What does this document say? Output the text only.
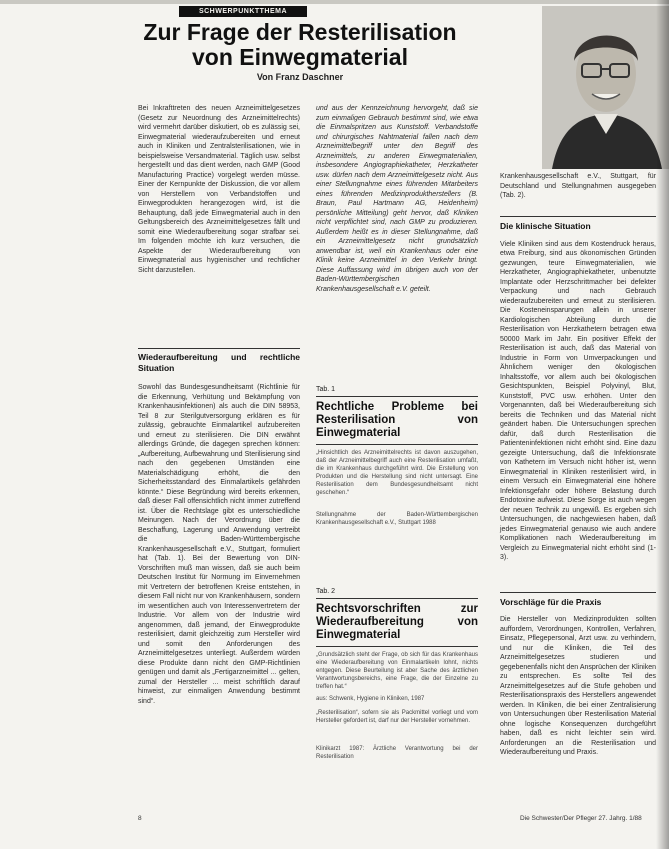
SCHWERPUNKTTHEMA
Zur Frage der Resterilisation von Einwegmaterial
Von Franz Daschner

Bei Inkrafttreten des neuen Arzneimittelgesetzes (Gesetz zur Neuordnung des Arzneimittelrechts) wird vermehrt darüber diskutiert, ob es zulässig sei, Einwegmaterial wiederaufzubereiten und erneut auch in Kliniken und Zentralsterilisationen, wie in beispielsweise Versandmaterial. Täglich usw. selbst hergestellt und das dient werden, nach GMP (Good Manufacturing Practice) vorgelegt werden müsse. Einer der Kernpunkte der Diskussion, die vor allem von Herstellern von Verbandstoffen und Einwegprodukten herangezogen wird, ist die Behauptung, daß jede Einwegmaterial auch in den Geltungsbereich des Arzneimittelgesetzes fällt und somit eine Wiederaufbereitung sogar strafbar sei. Im folgenden möchte ich kurz versuchen, die Aspekte der Wiederaufbereitung von Einwegmaterial aus hygienischer und rechtlicher Sicht darzustellen.

Wiederaufbereitung und rechtliche Situation

Sowohl das Bundesgesundheitsamt (Richtlinie für die Erkennung, Verhütung und Bekämpfung von Krankenhausinfektionen) als auch die DIN 58953, Teil 8 zur Sterilgutversorgung erklären es für zulässig, gebrauchte Einmalartikel aufzubereiten und erneut zu sterilisieren. Die DIN erwähnt allerdings Gründe, die dagegen sprechen können: „Aufbereitung, Aufbewahrung und Sterilisierung sind nach den gegebenen Umständen eine Materialschädigung erhöht, die den Sicherheitsstandard des Einmalartikels gefährden könnte.“ Diese Begründung wird bereits erkennen, daß dieser Fall offensichtlich nicht immer zutreffend ist. Über die Rechtslage gibt es unterschiedliche Meinungen. Nach der Verordnung über die Beschaffung, Lagerung und Anwendung vertreibt die Baden-Württembergische Krankenhausgesellschaft e.V., Stuttgart, formuliert hat (Tab. 1). Bei der Bewertung von DIN-Vorschriften muß man wissen, daß sie auch beim Deutschen Institut für Normung im Einvernehmen mit Vertretern der betroffenen Kreise entstehen, in diesem Fall nicht nur von Krankenhäusern, sondern im wesentlichen auch von Interessenvertretern der Industrie. Vor allem von der Industrie wird angenommen, daß jemand, der Einwegprodukte resterilisiert, damit gleichzeitig zum Hersteller wird und somit den Anforderungen des Arzneimittelgesetzes unterliegt. Außerdem würden diese Produkte dann nicht den GMP-Richtlinien genügen und damit als „Fertigarzneimittel ... gelten, zumal der Hersteller ... meist schriftlich darauf hinweist, zur einmaligen Anwendung bestimmt sind“.

und aus der Kennzeichnung hervorgeht, daß sie zum einmaligen Gebrauch bestimmt sind, wie etwa die Einmalspritzen aus Kunststoff. Verbandstoffe und chirurgisches Nahtmaterial fallen nach dem Arzneimittelbegriff unter den Begriff des Arzneimittels, zu anderen Einwegmaterialien, insbesondere Angiographiekatheter, Herzkatheter usw. dürfen nach dem Arzneimittelgesetz nicht. Aus einer Stellungnahme eines führenden Mitarbeiters eines führenden Medizinproduktherstellers (B. Braun, Paul Hartmann AG, Heidenheim) persönliche Mitteilung) geht hervor, daß Kliniken nicht verpflichtet sind, nach GMP zu produzieren. Außerdem heißt es in dieser Stellungnahme, daß ein Arzneimittelgesetz nicht grundsätzlich anwendbar ist, weil ein Krankenhaus oder eine Klinik keine Arzneimittel in den Verkehr bringt. Diese Auffassung wird im übrigen auch von der Baden-Württembergischen Krankenhausgesellschaft e.V. geteilt.

Tab. 1
Rechtliche Probleme bei Resterilisation von Einwegmaterial

„Hinsichtlich des Arzneimittelrechts ist davon auszugehen, daß der Arzneimittelbegriff auch eine Resterilisation umfaßt, die im Krankenhaus durchgeführt wird. Die Erstellung von Produkten und die Herstellung sind nicht untersagt. Eine Resterilisation dem Bundesgesundheitsamt nicht geschehen.“

Stellungnahme der Baden-Württembergischen Krankenhausgesellschaft e.V., Stuttgart 1988

Tab. 2
Rechtsvorschriften zur Wiederaufbereitung von Einwegmaterial

„Grundsätzlich steht der Frage, ob sich für das Krankenhaus eine Wiederaufbereitung von Einmalartikeln lohnt, nichts entgegen. Diese Beurteilung ist aber Sache des ärztlichen Verantwortungsbereichs, eine Frage, die der Einzelne zu treffen hat.“

aus: Schwenk, Hygiene in Kliniken, 1987

„Resterilisation“, sofern sie als Packmittel vorliegt und vom Hersteller gefordert ist, darf nur der Hersteller vornehmen.

Klinikarzt 1987: Ärztliche Verantwortung bei der Resterilisation

Krankenhausgesellschaft e.V., Stuttgart, für Deutschland und Stellungnahmen ausgegeben (Tab. 2).

Die klinische Situation

Viele Kliniken sind aus dem Kostendruck heraus, etwa Freiburg, sind aus ökonomischen Gründen gezwungen, teure Einwegmaterialien, wie Herzkatheter, Angiographiekatheter, unbenutzte Implantate oder Herzschrittmacher bei defekter Verpackung und nach Gebrauch wiederaufzubereiten und erneut zu sterilisieren. Die Kosteneinsparungen allein in unserer Kardiologischen Abteilung durch die Resterilisation von Herzkathetern betragen etwa 50000 Mark im Jahr. Ein positiver Effekt der Resterilisation ist auch, daß das Material von Industrie in Form von Umverpackungen und Ähnlichem weniger den ökologischen Inhaltsstoffe, vor allem auch bei ökologischen Gesichtspunkten, Beispiel Polyvinyl, Blut, Kunststoff, PVC usw. erhöhen. Unter den Vorgenannten, daß bei Wiederaufbereitung sich bereits die Techniken und das Material nicht geändert haben. Die Untersuchungen sprechen dafür, daß durch Resterilisation die Patienteninfektionen nicht erhöht sind. Eine dazu gezeigte Untersuchung, daß die Infektionsrate von Kathetern im Versuch nicht höher ist, wenn Einwegmaterial in Kliniken resterilisiert wird, in einem Versuch ein Einwegmaterial eine höhere Infektionsgefahr oder höhere Belastung durch Endotoxine aufweist. Diese Sorge ist auch wegen der neuen Technik zu ungewiß. Es ergeben sich Untersuchungen, die nachgewiesen haben, daß jedes Einwegmaterial genauso wie auch andere Komplikationen nach Wiederaufbereitung im Vergleich zu Einwegmaterial nicht erhöht sind (1-3).

Vorschläge für die Praxis

Die Hersteller von Medizinprodukten sollten auffordern, Verordnungen, Kontrollen, Verfahren, Einsatz, Pflegepersonal, Arzt usw. zu verhindern, und nur die Kliniken, die Teil des Arzneimittelgesetzes studieren und gegebenenfalls nicht den Ansprüchen der Kliniken zu entsprechen. Es sollte Teil des Arzneimittelgesetzes auf die Stufe gehoben und Resterilisationspraxis des Herstellers angewendet werden. In Kliniken, die bei einer Zentralisierung von Untersuchungen über Resterilisation Material ohne logische Konsequenzen durchgeführt haben, daß es nicht leichter sein wird. Anforderungen an die Resterilisation und Wiederaufbereitung und Praxis.

8	Die Schwester/Der Pfleger 27. Jahrg. 1/88
